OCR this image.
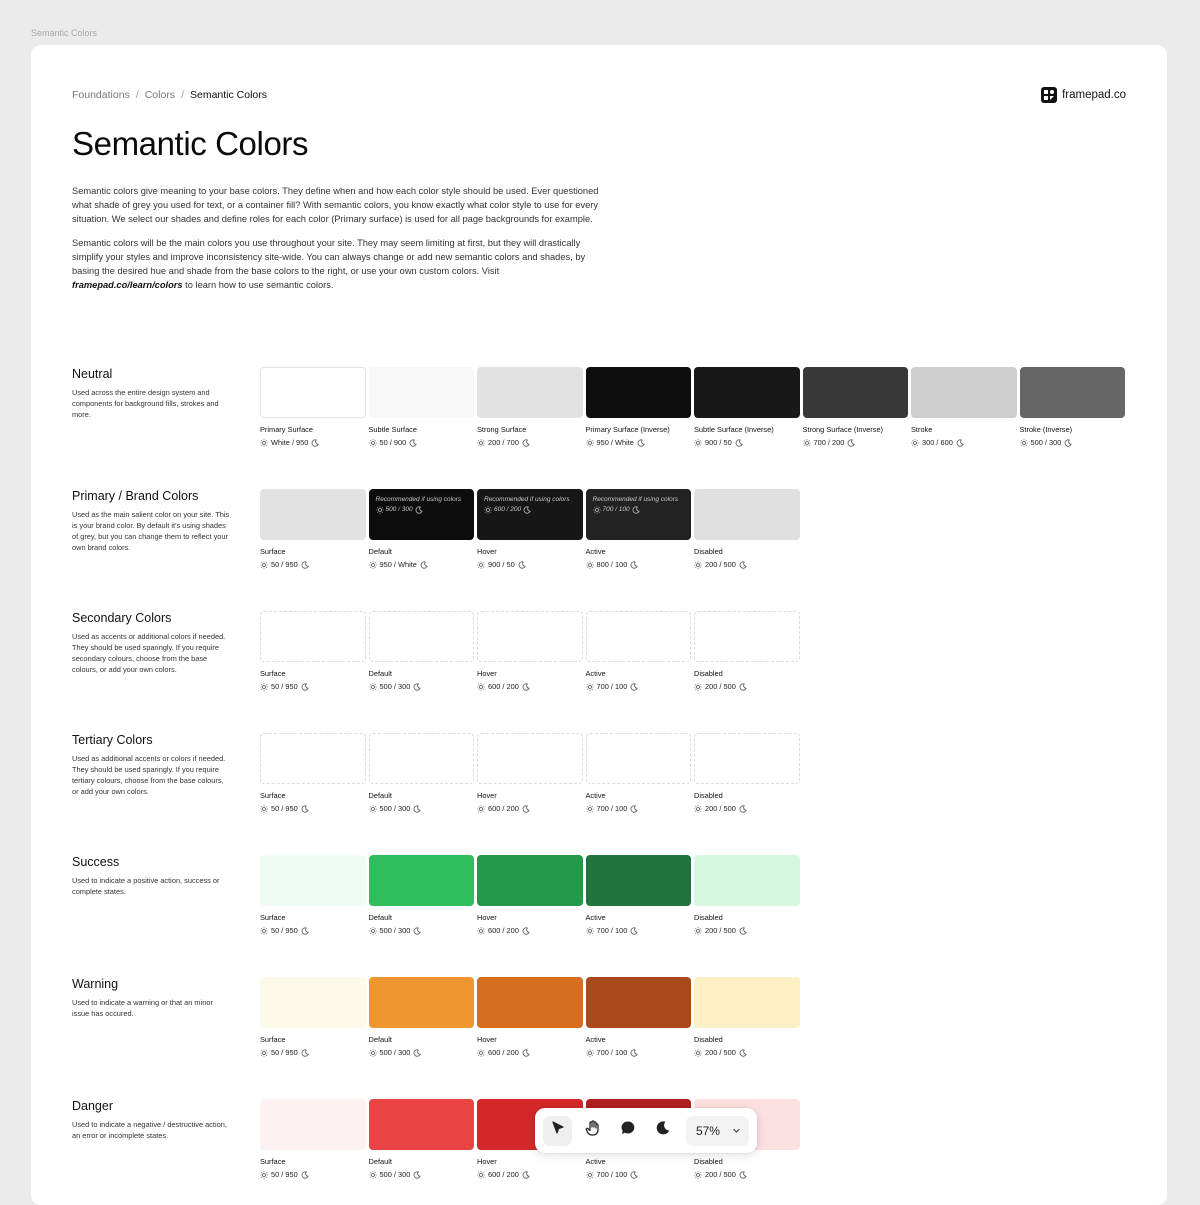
Semantic Colors
Foundations / Colors / Semantic Colors	framepad.co
Semantic Colors

Semantic colors give meaning to your base colors. They define when and how each color style should be used. Ever questioned what shade of grey you used for text, or a container fill? With semantic colors, you know exactly what color style to use for every situation. We select our shades and define roles for each color (Primary surface) is used for all page backgrounds for example.

Semantic colors will be the main colors you use throughout your site. They may seem limiting at first, but they will drastically simplify your styles and improve inconsistency site-wide. You can always change or add new semantic colors and shades, by basing the desired hue and shade from the base colors to the right, or use your own custom colors. Visit framepad.co/learn/colors to learn how to use semantic colors.

Neutral
Used across the entire design system and components for background fills, strokes and more.
Primary Surface
White / 950
Subtle Surface
50 / 900
Strong Surface
200 / 700
Primary Surface (Inverse)
950 / White
Subtle Surface (Inverse)
900 / 50
Strong Surface (Inverse)
700 / 200
Stroke
300 / 600
Stroke (Inverse)
500 / 300
Primary / Brand Colors
Used as the main salient color on your site. This is your brand color. By default it's using shades of grey, but you can change them to reflect your own brand colors.	Surface
50 / 950
Recommended if using colors
500 / 300
Default
950 / White
Recommended if using colors
600 / 200
Hover
900 / 50
Recommended if using colors
700 / 100
Active
800 / 100
Disabled
200 / 500
Secondary Colors
Used as accents or additional colors if needed. They should be used sparingly. If you require secondary colours, choose from the base colours, or add your own colors.	Surface
50 / 950
Default
500 / 300
Hover
600 / 200
Active
700 / 100
Disabled
200 / 500
Tertiary Colors
Used as additional accents or colors if needed. They should be used sparingly. If you require tertiary colours, choose from the base colours, or add your own colors.	Surface
50 / 950
Default
500 / 300
Hover
600 / 200
Active
700 / 100
Disabled
200 / 500
Success
Used to indicate a positive action, success or complete states.
Surface
50 / 950
Default
500 / 300
Hover
600 / 200
Active
700 / 100
Disabled
200 / 500
Warning
Used to indicate a warning or that an minor issue has occured.
Surface
50 / 950
Default
500 / 300
Hover
600 / 200
Active
700 / 100
Disabled
200 / 500
Danger
Used to indicate a negative / destructive action, an error or incomplete states.
Surface
50 / 950
Default
500 / 300
Hover
600 / 200
Active
700 / 100
Disabled
200 / 500
57%
